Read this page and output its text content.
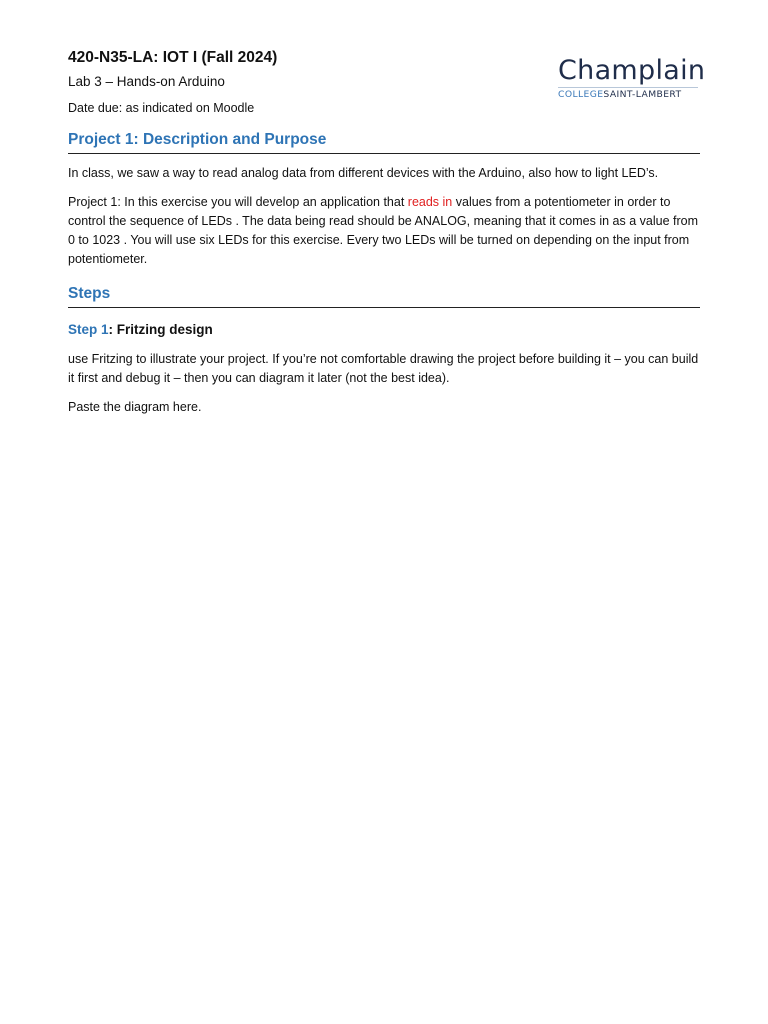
Champlain
COLLEGESAINT-LAMBERT
420-N35-LA: IOT I (Fall 2024)
Lab 3 – Hands-on Arduino
Date due: as indicated on Moodle
Project 1: Description and Purpose

In class, we saw a way to read analog data from different devices with the Arduino, also how to light LED’s.

Project 1: In this exercise you will develop an application that reads in values from a potentiometer in order to control the sequence of LEDs . The data being read should be ANALOG, meaning that it comes in as a value from 0 to 1023 . You will use six LEDs for this exercise. Every two LEDs will be turned on depending on the input from potentiometer.

Steps
Step 1: Fritzing design

use Fritzing to illustrate your project. If you’re not comfortable drawing the project before building it – you can build it first and debug it – then you can diagram it later (not the best idea).

Paste the diagram here.
